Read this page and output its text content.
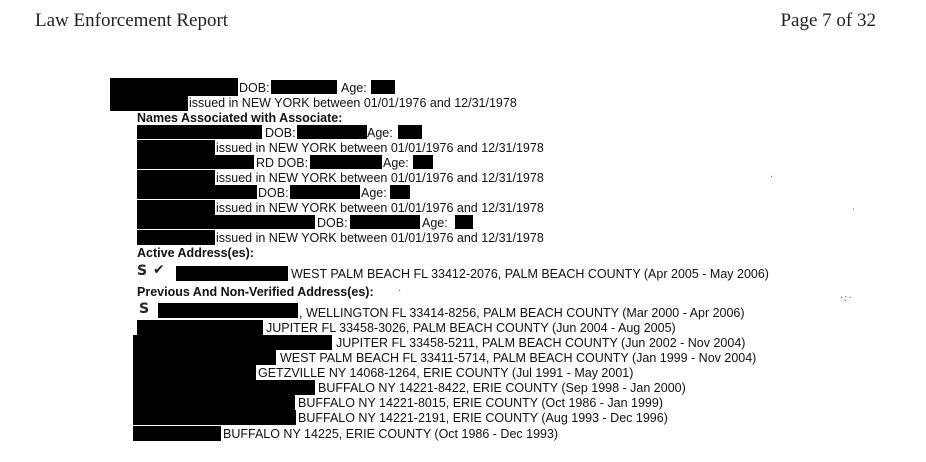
Law Enforcement Report	Page 7 of 32
DOB:	Age:
issued in NEW YORK between 01/01/1976 and 12/31/1978
Names Associated with Associate:
DOB:	Age:
issued in NEW YORK between 01/01/1976 and 12/31/1978
RD DOB:	Age:
issued in NEW YORK between 01/01/1976 and 12/31/1978
DOB:	Age:
issued in NEW YORK between 01/01/1976 and 12/31/1978
DOB:	Age:
issued in NEW YORK between 01/01/1976 and 12/31/1978
Active Address(es):
S ✔	WEST PALM BEACH FL 33412-2076, PALM BEACH COUNTY (Apr 2005 - May 2006)
Previous And Non-Verified Address(es): ·
S	, WELLINGTON FL 33414-8256, PALM BEACH COUNTY (Mar 2000 - Apr 2006)
JUPITER FL 33458-3026, PALM BEACH COUNTY (Jun 2004 - Aug 2005)
JUPITER FL 33458-5211, PALM BEACH COUNTY (Jun 2002 - Nov 2004)
WEST PALM BEACH FL 33411-5714, PALM BEACH COUNTY (Jan 1999 - Nov 2004)
GETZVILLE NY 14068-1264, ERIE COUNTY (Jul 1991 - May 2001)
BUFFALO NY 14221-8422, ERIE COUNTY (Sep 1998 - Jan 2000)
BUFFALO NY 14221-8015, ERIE COUNTY (Oct 1986 - Jan 1999)
BUFFALO NY 14221-2191, ERIE COUNTY (Aug 1993 - Dec 1996)
BUFFALO NY 14225, ERIE COUNTY (Oct 1986 - Dec 1993)
·
·
·:·
